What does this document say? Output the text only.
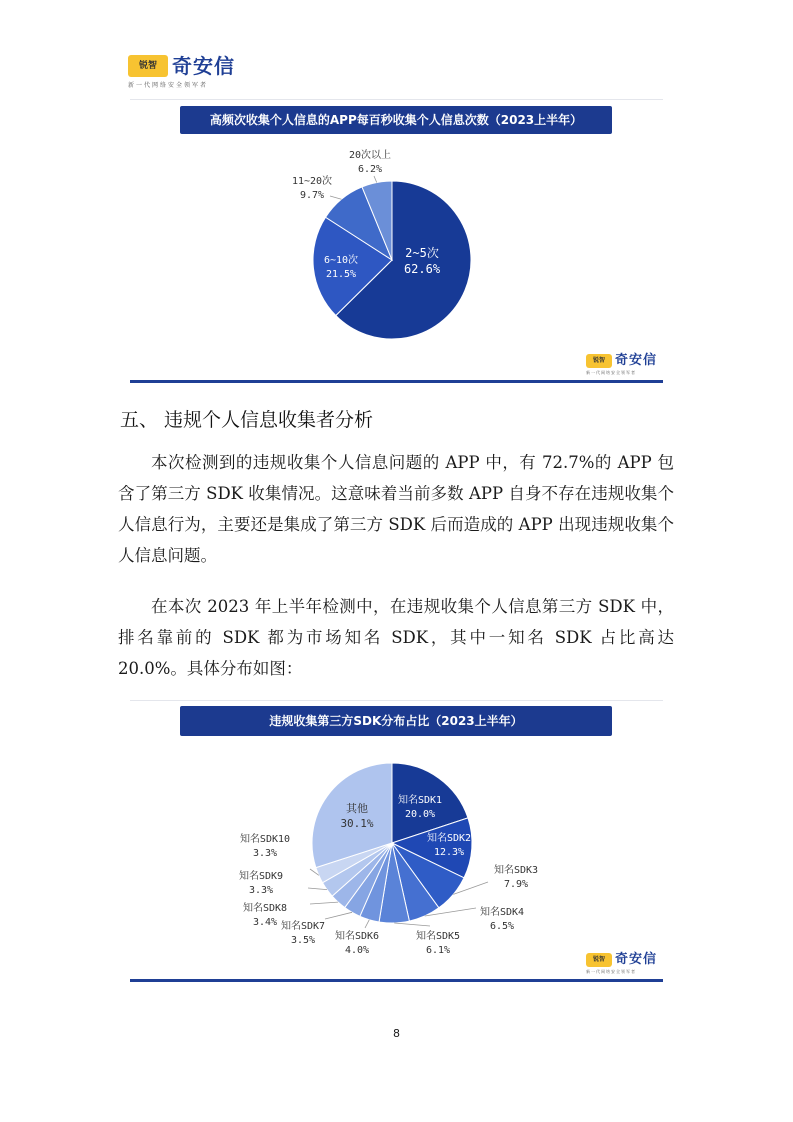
锐智 奇安信
新一代网络安全领军者
高频次收集个人信息的APP每百秒收集个人信息次数（2023上半年）
2~5次
62.6%
6~10次
21.5%
11~20次
9.7%
20次以上
6.2%
锐智 奇安信
新一代网络安全领军者
五、 违规个人信息收集者分析
本次检测到的违规收集个人信息问题的 APP 中，有 72.7%的 APP 包含了第三方 SDK 收集情况。这意味着当前多数 APP 自身不存在违规收集个人信息行为，主要还是集成了第三方 SDK 后而造成的 APP 出现违规收集个人信息问题。
在本次 2023 年上半年检测中，在违规收集个人信息第三方 SDK 中，排名靠前的 SDK 都为市场知名 SDK，其中一知名 SDK 占比高达 20.0%。具体分布如图：
违规收集第三方SDK分布占比（2023上半年）
知名SDK1
20.0%
知名SDK2
12.3%
知名SDK3
7.9%
知名SDK4
6.5%
知名SDK5
6.1%
知名SDK6
4.0%
知名SDK7
3.5%
知名SDK8
3.4%
知名SDK9
3.3%
知名SDK10
3.3%
其他
30.1%
锐智 奇安信
新一代网络安全领军者
8
